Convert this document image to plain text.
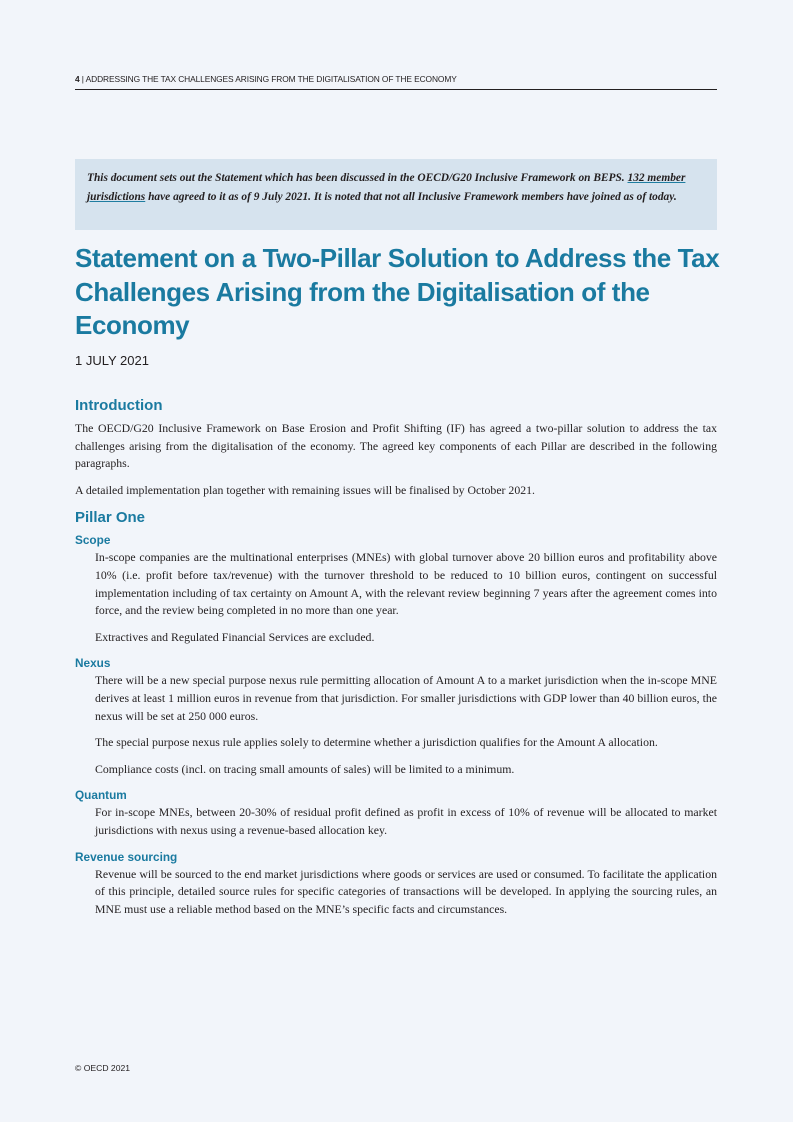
4 | ADDRESSING THE TAX CHALLENGES ARISING FROM THE DIGITALISATION OF THE ECONOMY
This document sets out the Statement which has been discussed in the OECD/G20 Inclusive Framework on BEPS. 132 member jurisdictions have agreed to it as of 9 July 2021. It is noted that not all Inclusive Framework members have joined as of today.
Statement on a Two-Pillar Solution to Address the Tax Challenges Arising from the Digitalisation of the Economy
1 JULY 2021
Introduction

The OECD/G20 Inclusive Framework on Base Erosion and Profit Shifting (IF) has agreed a two-pillar solution to address the tax challenges arising from the digitalisation of the economy. The agreed key components of each Pillar are described in the following paragraphs.

A detailed implementation plan together with remaining issues will be finalised by October 2021.

Pillar One
Scope

In-scope companies are the multinational enterprises (MNEs) with global turnover above 20 billion euros and profitability above 10% (i.e. profit before tax/revenue) with the turnover threshold to be reduced to 10 billion euros, contingent on successful implementation including of tax certainty on Amount A, with the relevant review beginning 7 years after the agreement comes into force, and the review being completed in no more than one year.

Extractives and Regulated Financial Services are excluded.

Nexus

There will be a new special purpose nexus rule permitting allocation of Amount A to a market jurisdiction when the in-scope MNE derives at least 1 million euros in revenue from that jurisdiction. For smaller jurisdictions with GDP lower than 40 billion euros, the nexus will be set at 250 000 euros.

The special purpose nexus rule applies solely to determine whether a jurisdiction qualifies for the Amount A allocation.

Compliance costs (incl. on tracing small amounts of sales) will be limited to a minimum.

Quantum

For in-scope MNEs, between 20-30% of residual profit defined as profit in excess of 10% of revenue will be allocated to market jurisdictions with nexus using a revenue-based allocation key.

Revenue sourcing

Revenue will be sourced to the end market jurisdictions where goods or services are used or consumed. To facilitate the application of this principle, detailed source rules for specific categories of transactions will be developed. In applying the sourcing rules, an MNE must use a reliable method based on the MNE’s specific facts and circumstances.

© OECD 2021
